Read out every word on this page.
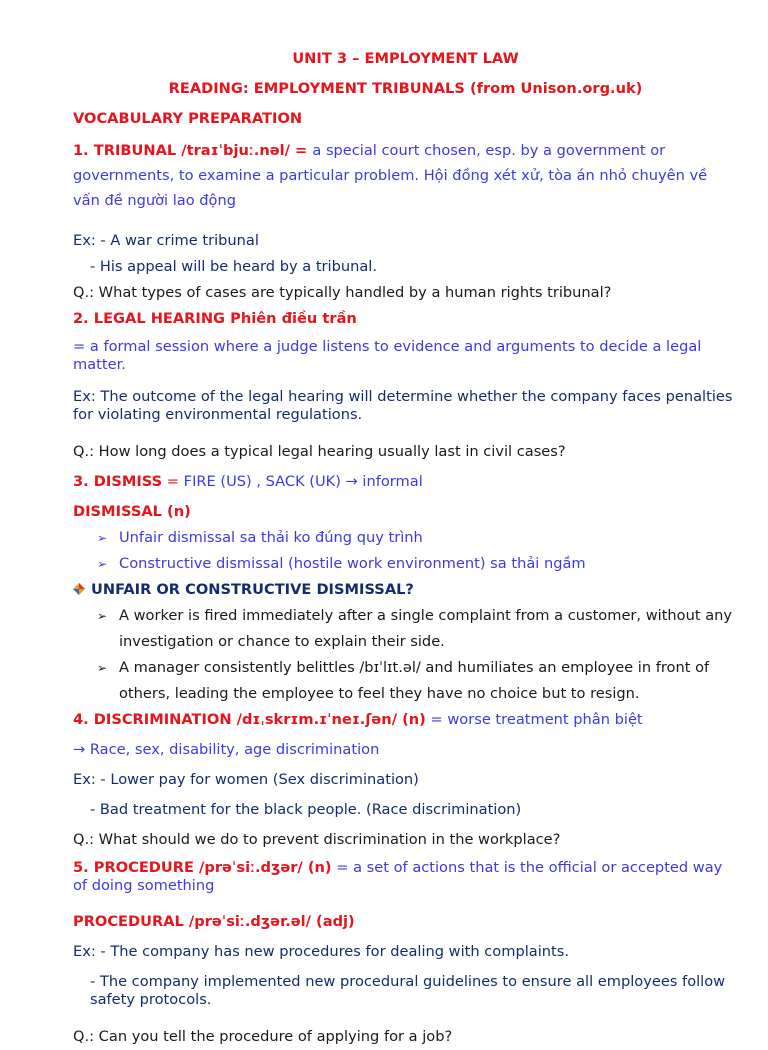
UNIT 3 – EMPLOYMENT LAW

READING: EMPLOYMENT TRIBUNALS (from Unison.org.uk)

VOCABULARY PREPARATION

1. TRIBUNAL /traɪˈbjuː.nəl/ = a special court chosen, esp. by a government or governments, to examine a particular problem. Hội đồng xét xử, tòa án nhỏ chuyên về vấn đề người lao động

Ex: - A war crime tribunal

- His appeal will be heard by a tribunal.

Q.: What types of cases are typically handled by a human rights tribunal?

2. LEGAL HEARING Phiên điều trần

= a formal session where a judge listens to evidence and arguments to decide a legal matter.

Ex: The outcome of the legal hearing will determine whether the company faces penalties for violating environmental regulations.

Q.: How long does a typical legal hearing usually last in civil cases?

3. DISMISS = FIRE (US) , SACK (UK) → informal

DISMISSAL (n)

➢ Unfair dismissal sa thải ko đúng quy trình
➢ Constructive dismissal (hostile work environment) sa thải ngầm

UNFAIR OR CONSTRUCTIVE DISMISSAL?

➢ A worker is fired immediately after a single complaint from a customer, without any investigation or chance to explain their side.
➢ A manager consistently belittles /bɪˈlɪt.əl/ and humiliates an employee in front of others, leading the employee to feel they have no choice but to resign.

4. DISCRIMINATION /dɪˌskrɪm.ɪˈneɪ.ʃən/ (n) = worse treatment phân biệt

→ Race, sex, disability, age discrimination

Ex: - Lower pay for women (Sex discrimination)

- Bad treatment for the black people. (Race discrimination)

Q.: What should we do to prevent discrimination in the workplace?

5. PROCEDURE /prəˈsiː.dʒər/ (n) = a set of actions that is the official or accepted way of doing something

PROCEDURAL /prəˈsiː.dʒər.əl/ (adj)

Ex: - The company has new procedures for dealing with complaints.

- The company implemented new procedural guidelines to ensure all employees follow safety protocols.

Q.: Can you tell the procedure of applying for a job?
